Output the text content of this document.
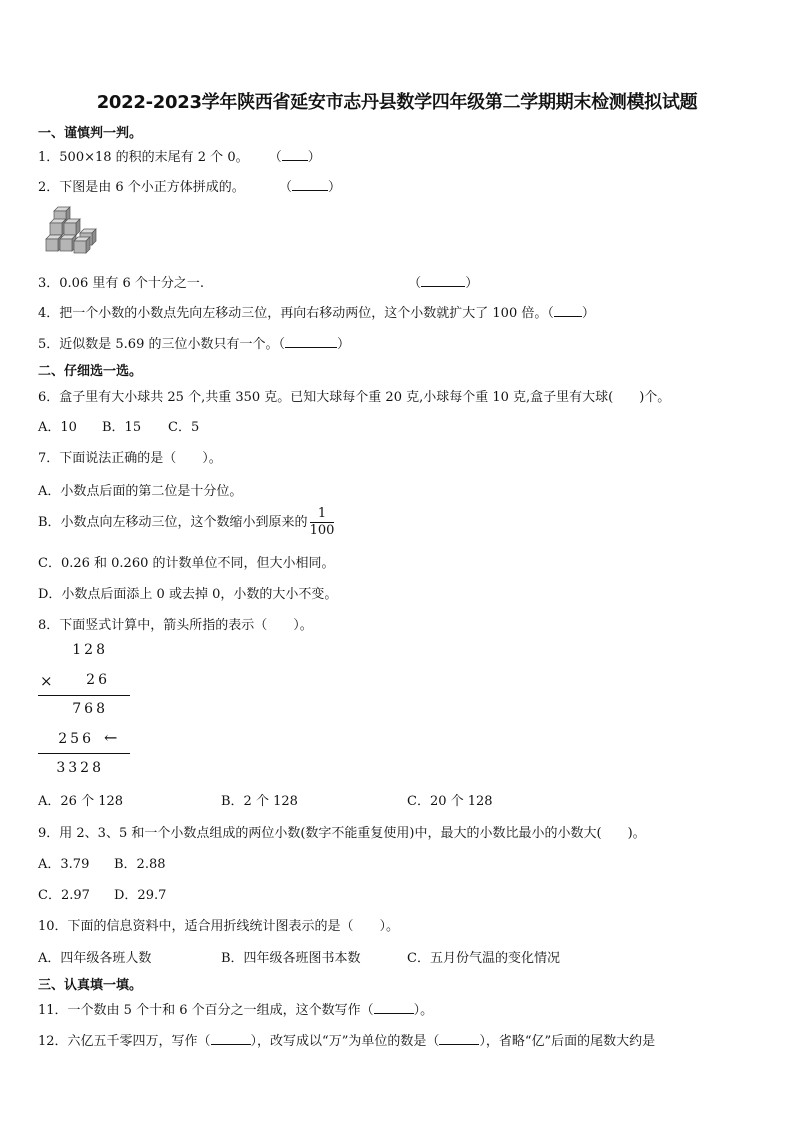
2022-2023学年陕西省延安市志丹县数学四年级第二学期期末检测模拟试题
一、谨慎判一判。
1．500×18 的积的末尾有 2 个 0。 （ ）
2．下图是由 6 个小正方体拼成的。	（	）
3．0.06 里有 6 个十分之一.	（	）
4．把一个小数的小数点先向左移动三位，再向右移动两位，这个小数就扩大了 100 倍。（ ）
5．近似数是 5.69 的三位小数只有一个。（	）
二、仔细选一选。
6．盒子里有大小球共 25 个,共重 350 克。已知大球每个重 20 克,小球每个重 10 克,盒子里有大球(　　)个。
A．10 B．15 C．5
7．下面说法正确的是（　　）。
A．小数点后面的第二位是十分位。
B．小数点向左移动三位，这个数缩小到原来的 $\frac{1}{100}$
C．0.26 和 0.260 的计数单位不同，但大小相同。
D．小数点后面添上 0 或去掉 0，小数的大小不变。
8．下面竖式计算中，箭头所指的表示（　　）。
128
×	26
768
256 ←
3328
A．26 个 128	B．2 个 128	C．20 个 128
9．用 2、3、5 和一个小数点组成的两位小数(数字不能重复使用)中，最大的小数比最小的小数大(　　)。
A．3.79 B．2.88
C．2.97 D．29.7
10．下面的信息资料中，适合用折线统计图表示的是（　　）。
A．四年级各班人数	B．四年级各班图书本数	C．五月份气温的变化情况
三、认真填一填。
11．一个数由 5 个十和 6 个百分之一组成，这个数写作（	）。
12．六亿五千零四万，写作（	），改写成以“万”为单位的数是（	），省略“亿”后面的尾数大约是
